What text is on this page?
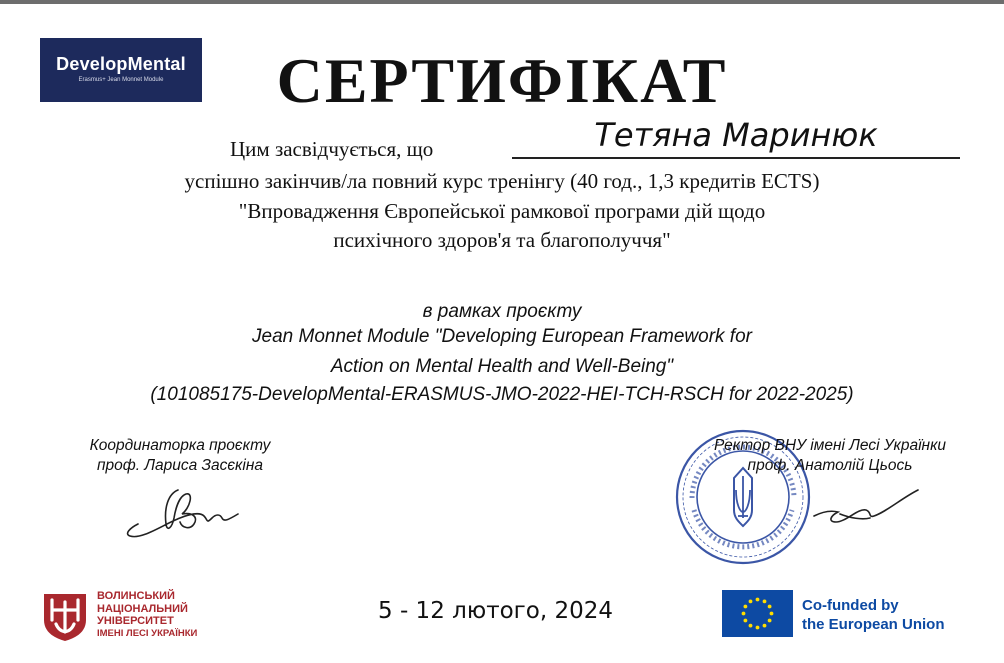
DevelopMental
Erasmus+ Jean Monnet Module	СЕРТИФІКАТ
Цим засвідчується, що	Тетяна Маринюк
успішно закінчив/ла повний курс тренінгу (40 год., 1,3 кредитів ECTS)
"Впровадження Європейської рамкової програми дій щодо
психічного здоров'я та благополуччя"
в рамках проєкту
Jean Monnet Module "Developing European Framework for
Action on Mental Health and Well-Being"
(101085175-DevelopMental-ERASMUS-JMO-2022-HEI-TCH-RSCH for 2022-2025)
Координаторка проєкту
проф. Лариса Засєкіна
Ректор ВНУ імені Лесі Українки
проф. Анатолій Цьось
ВОЛИНСЬКИЙ
НАЦІОНАЛЬНИЙ
УНІВЕРСИТЕТ
ІМЕНІ ЛЕСІ УКРАЇНКИ
5 - 12 лютого, 2024	Co-funded by
the European Union
